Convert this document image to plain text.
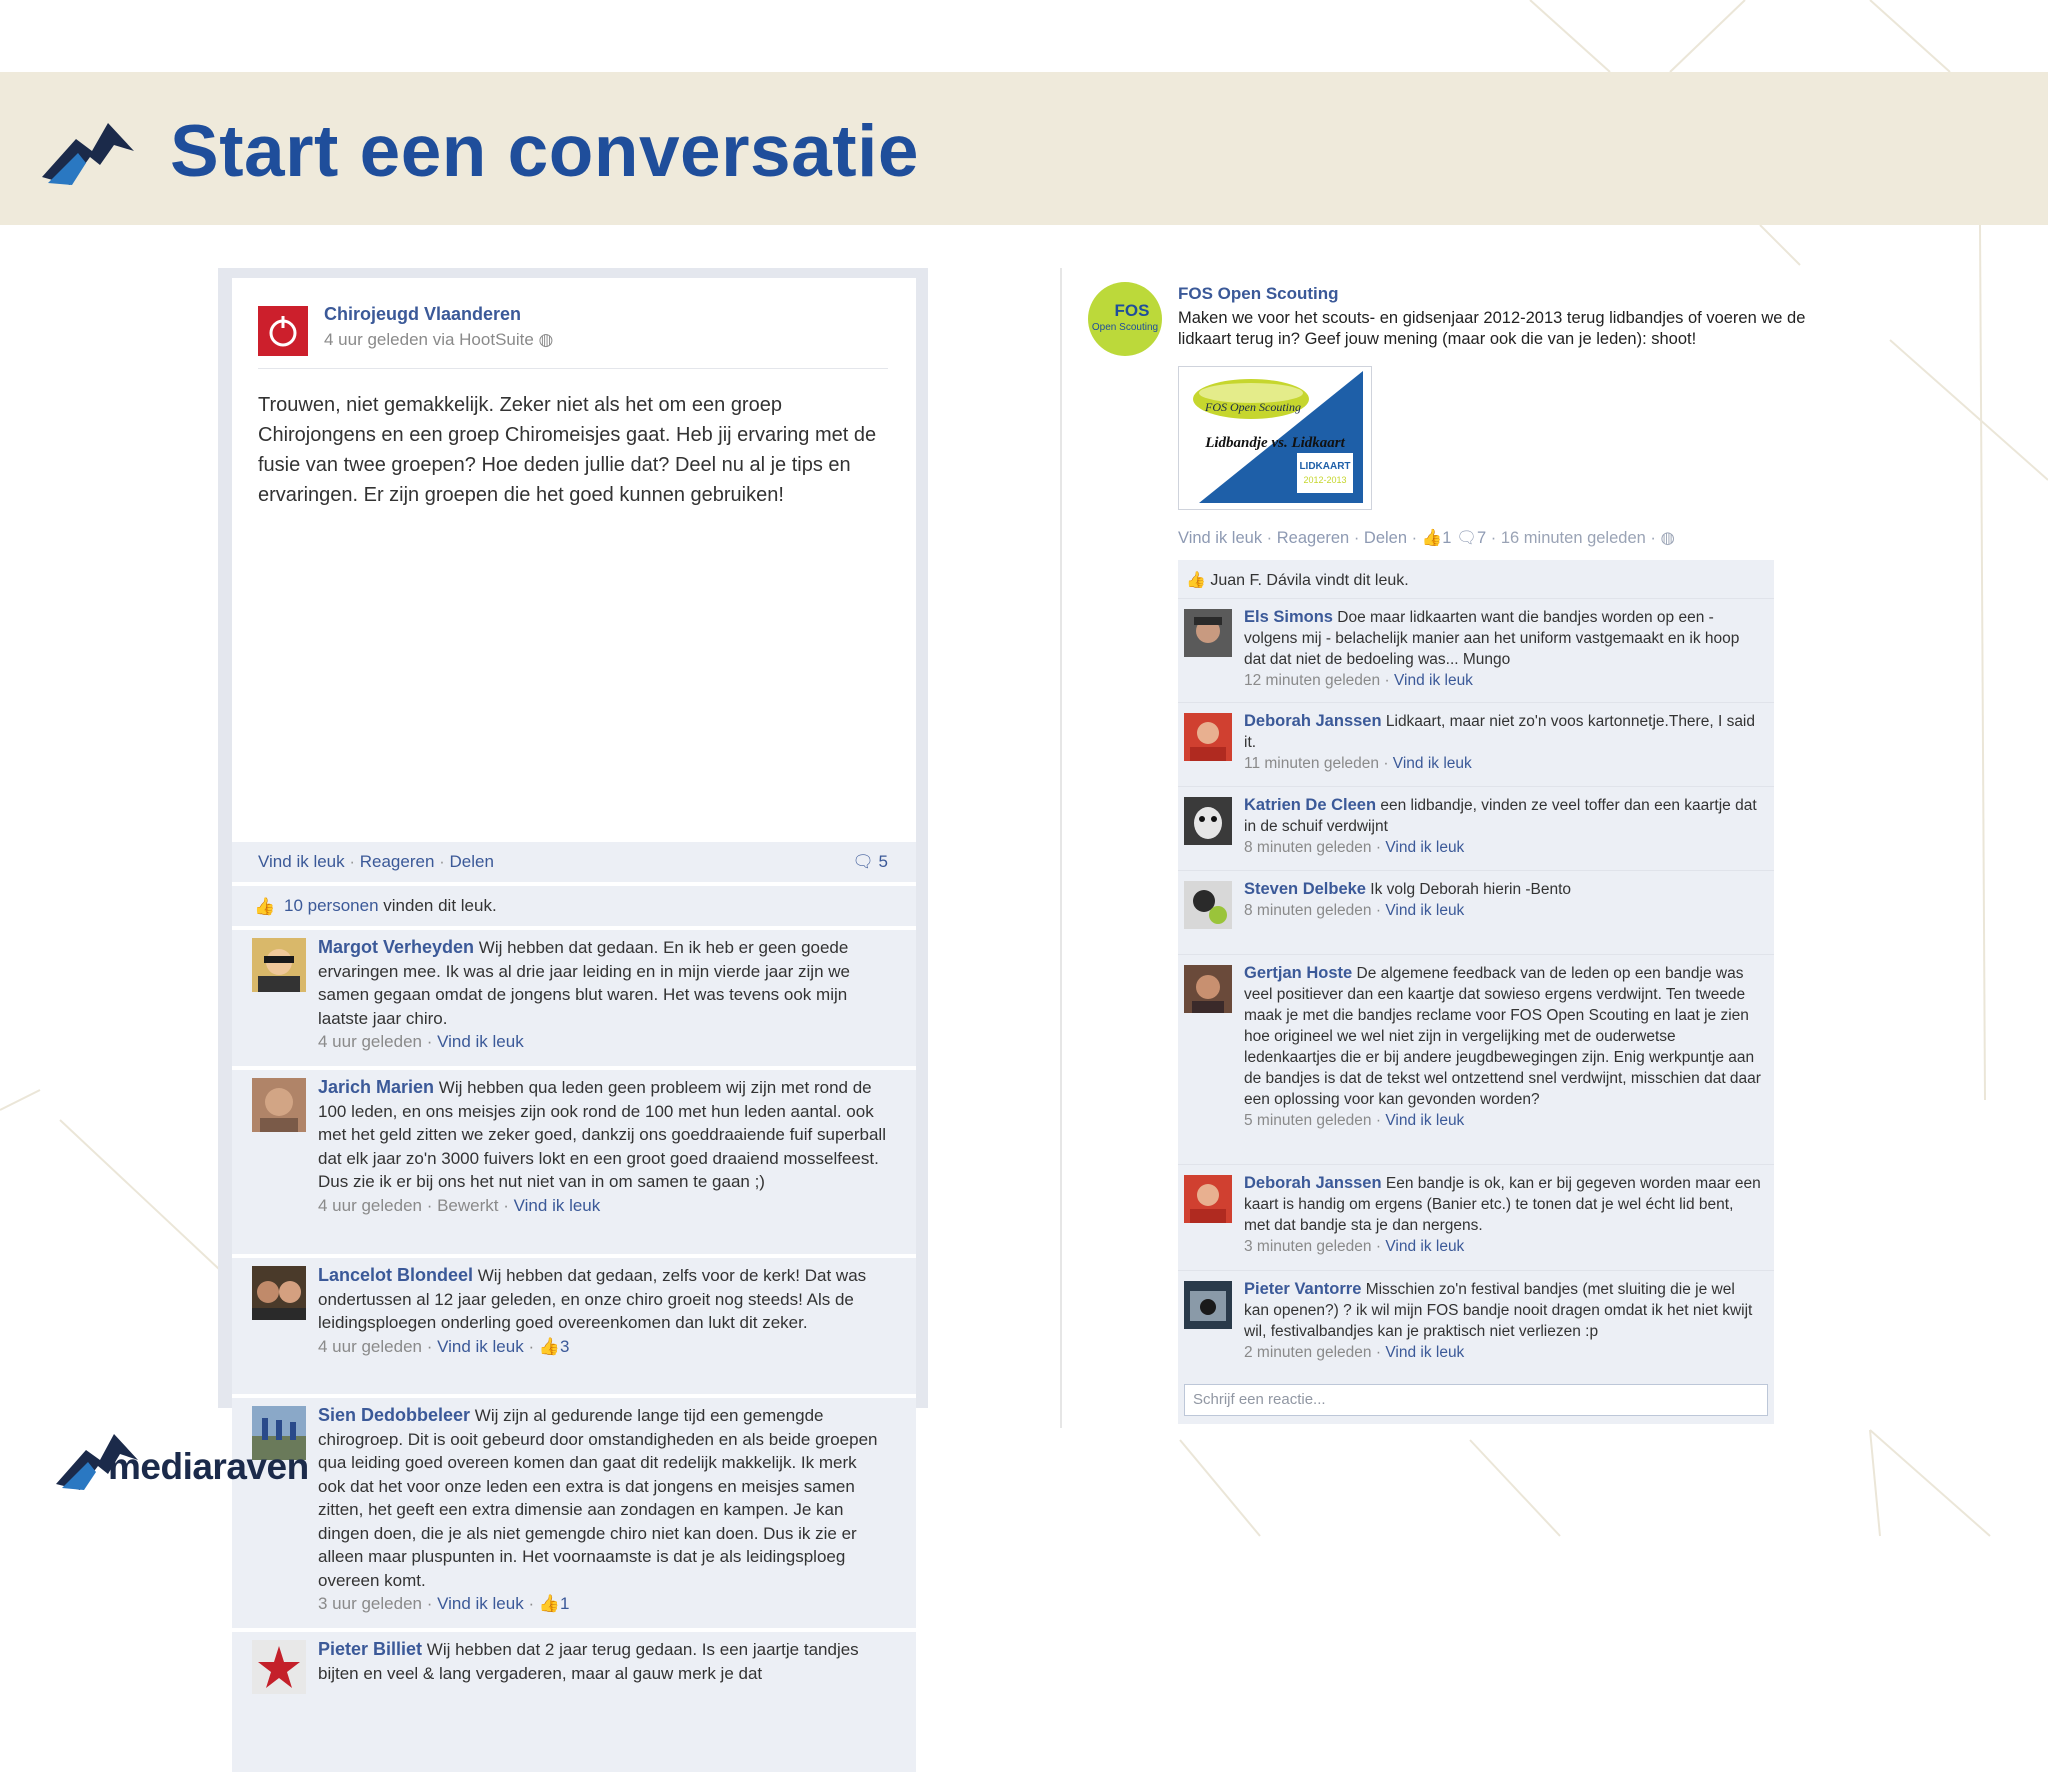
Start een conversatie
Chirojeugd Vlaanderen
4 uur geleden via HootSuite ◍
Trouwen, niet gemakkelijk. Zeker niet als het om een groep Chirojongens en een groep Chiromeisjes gaat. Heb jij ervaring met de fusie van twee groepen? Hoe deden jullie dat? Deel nu al je tips en ervaringen. Er zijn groepen die het goed kunnen gebruiken!
Vind ik leuk · Reageren · Delen	🗨 5
👍 10 personen vinden dit leuk.
Margot Verheyden Wij hebben dat gedaan. En ik heb er geen goede ervaringen mee. Ik was al drie jaar leiding en in mijn vierde jaar zijn we samen gegaan omdat de jongens blut waren. Het was tevens ook mijn laatste jaar chiro.
4 uur geleden · Vind ik leuk
Jarich Marien Wij hebben qua leden geen probleem wij zijn met rond de 100 leden, en ons meisjes zijn ook rond de 100 met hun leden aantal. ook met het geld zitten we zeker goed, dankzij ons goeddraaiende fuif superball dat elk jaar zo'n 3000 fuivers lokt en een groot goed draaiend mosselfeest. Dus zie ik er bij ons het nut niet van in om samen te gaan ;)
4 uur geleden · Bewerkt · Vind ik leuk
Lancelot Blondeel Wij hebben dat gedaan, zelfs voor de kerk! Dat was ondertussen al 12 jaar geleden, en onze chiro groeit nog steeds! Als de leidingsploegen onderling goed overeenkomen dan lukt dit zeker.
4 uur geleden · Vind ik leuk · 👍3
Sien Dedobbeleer Wij zijn al gedurende lange tijd een gemengde chirogroep. Dit is ooit gebeurd door omstandigheden en als beide groepen qua leiding goed overeen komen dan gaat dit redelijk makkelijk. Ik merk ook dat het voor onze leden een extra is dat jongens en meisjes samen zitten, het geeft een extra dimensie aan zondagen en kampen. Je kan dingen doen, die je als niet gemengde chiro niet kan doen. Dus ik zie er alleen maar pluspunten in. Het voornaamste is dat je als leidingsploeg overeen komt.
3 uur geleden · Vind ik leuk · 👍1
Pieter Billiet Wij hebben dat 2 jaar terug gedaan. Is een jaartje tandjes bijten en veel & lang vergaderen, maar al gauw merk je dat
FOS
Open Scouting
FOS Open Scouting
Maken we voor het scouts- en gidsenjaar 2012-2013 terug lidbandjes of voeren we de lidkaart terug in? Geef jouw mening (maar ook die van je leden): shoot!
FOS Open Scouting
Lidbandje vs. Lidkaart
LIDKAART
2012-2013
Vind ik leuk · Reageren · Delen · 👍1 🗨7 · 16 minuten geleden · ◍
👍 Juan F. Dávila vindt dit leuk.
Els Simons Doe maar lidkaarten want die bandjes worden op een - volgens mij - belachelijk manier aan het uniform vastgemaakt en ik hoop dat dat niet de bedoeling was... Mungo
12 minuten geleden · Vind ik leuk
Deborah Janssen Lidkaart, maar niet zo'n voos kartonnetje.There, I said it.
11 minuten geleden · Vind ik leuk
Katrien De Cleen een lidbandje, vinden ze veel toffer dan een kaartje dat in de schuif verdwijnt
8 minuten geleden · Vind ik leuk
Steven Delbeke Ik volg Deborah hierin -Bento
8 minuten geleden · Vind ik leuk
Gertjan Hoste De algemene feedback van de leden op een bandje was veel positiever dan een kaartje dat sowieso ergens verdwijnt. Ten tweede maak je met die bandjes reclame voor FOS Open Scouting en laat je zien hoe origineel we wel niet zijn in vergelijking met de ouderwetse ledenkaartjes die er bij andere jeugdbewegingen zijn. Enig werkpuntje aan de bandjes is dat de tekst wel ontzettend snel verdwijnt, misschien dat daar een oplossing voor kan gevonden worden?
5 minuten geleden · Vind ik leuk
Deborah Janssen Een bandje is ok, kan er bij gegeven worden maar een kaart is handig om ergens (Banier etc.) te tonen dat je wel écht lid bent, met dat bandje sta je dan nergens.
3 minuten geleden · Vind ik leuk
Pieter Vantorre Misschien zo'n festival bandjes (met sluiting die je wel kan openen?) ? ik wil mijn FOS bandje nooit dragen omdat ik het niet kwijt wil, festivalbandjes kan je praktisch niet verliezen :p
2 minuten geleden · Vind ik leuk
Schrijf een reactie...
mediaraven
